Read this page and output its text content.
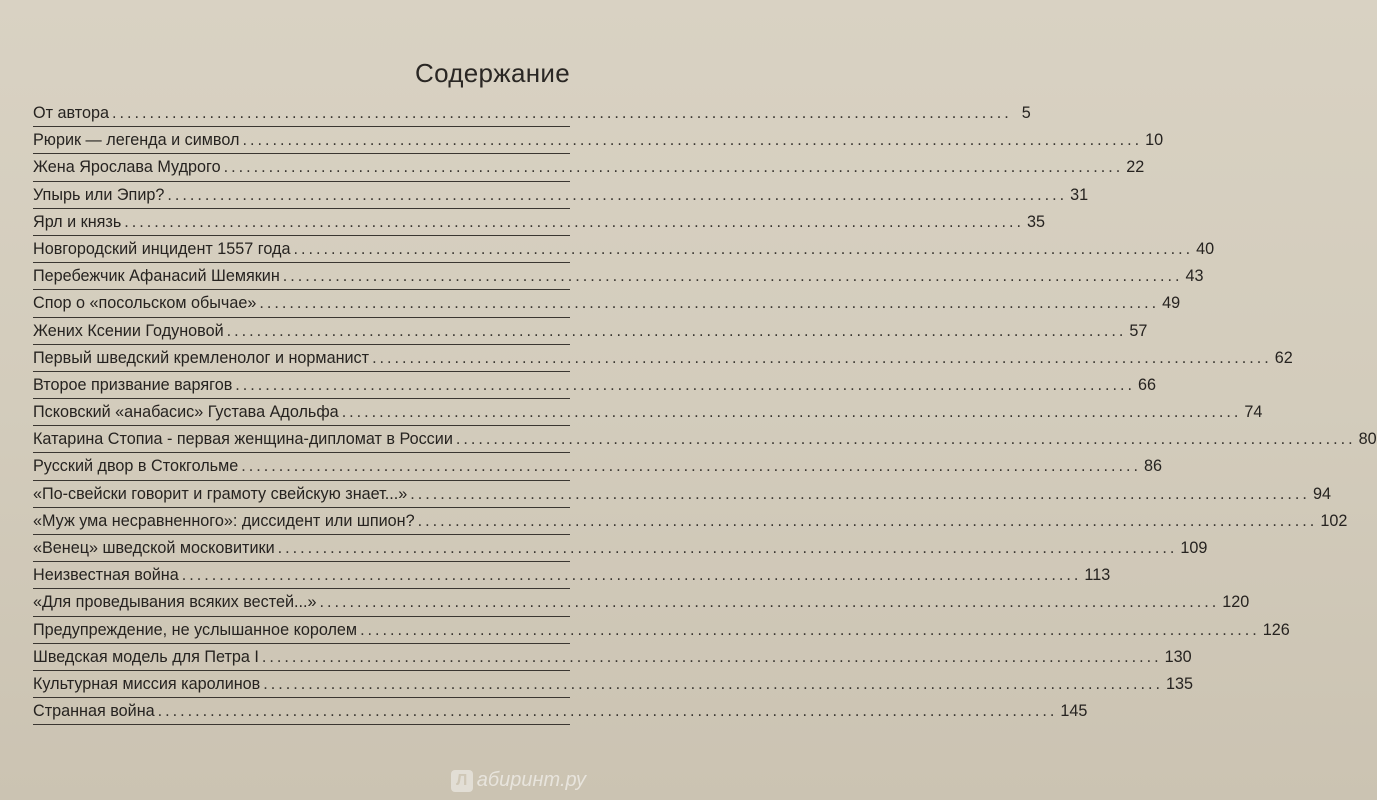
Содержание
От автора ........................................................................................................................ 5
Рюрик — легенда и символ ........................................................................................................................ 10
Жена Ярослава Мудрого ........................................................................................................................ 22
Упырь или Эпир? ........................................................................................................................ 31
Ярл и князь ........................................................................................................................ 35
Новгородский инцидент 1557 года ........................................................................................................................ 40
Перебежчик Афанасий Шемякин ........................................................................................................................ 43
Спор о «посольском обычае» ........................................................................................................................ 49
Жених Ксении Годуновой ........................................................................................................................ 57
Первый шведский кремленолог и норманист ........................................................................................................................ 62
Второе призвание варягов ........................................................................................................................ 66
Псковский «анабасис» Густава Адольфа ........................................................................................................................ 74
Катарина Стопиа - первая женщина-дипломат в России ........................................................................................................................ 80
Русский двор в Стокгольме ........................................................................................................................ 86
«По-свейски говорит и грамоту свейскую знает...» ........................................................................................................................ 94
«Муж ума несравненного»: диссидент или шпион? ........................................................................................................................ 102
«Венец» шведской московитики ........................................................................................................................ 109
Неизвестная война ........................................................................................................................ 113
«Для проведывания всяких вестей...» ........................................................................................................................ 120
Предупреждение, не услышанное королем ........................................................................................................................ 126
Шведская модель для Петра I ........................................................................................................................ 130
Культурная миссия каролинов ........................................................................................................................ 135
Странная война ........................................................................................................................ 145
Л абиринт.ру
